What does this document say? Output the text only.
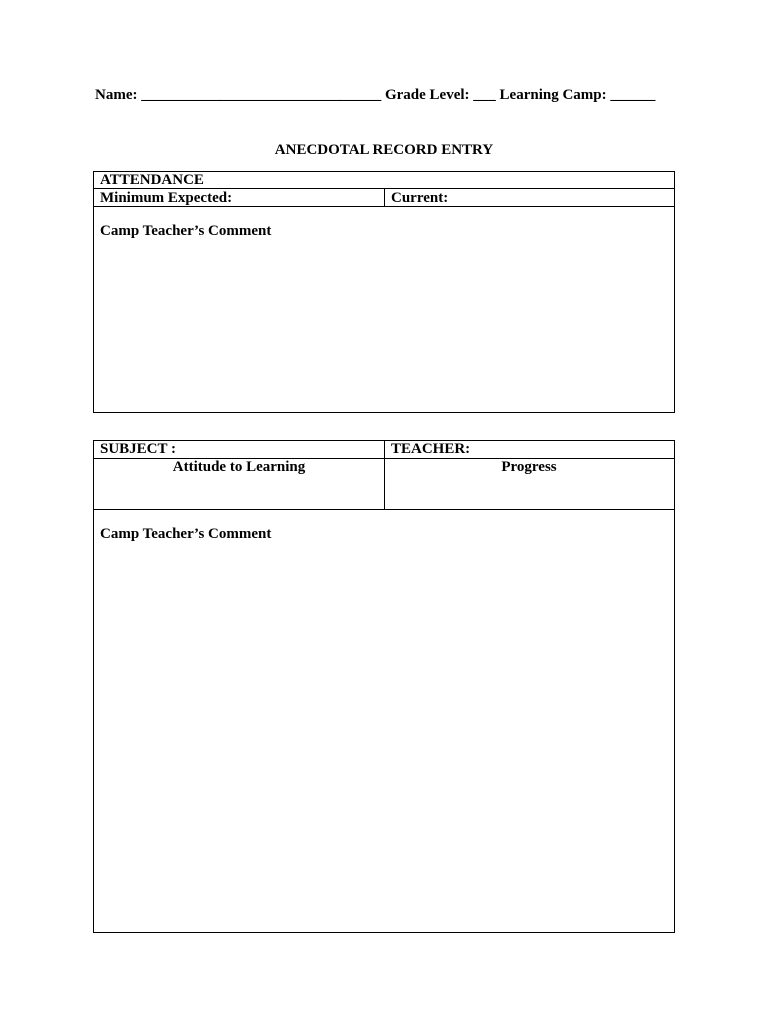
Name: ________________________________ Grade Level: ___ Learning Camp: ______
ANECDOTAL RECORD ENTRY
ATTENDANCE
Minimum Expected:	Current:
Camp Teacher’s Comment
SUBJECT :	TEACHER:
Attitude to Learning	Progress
Camp Teacher’s Comment
